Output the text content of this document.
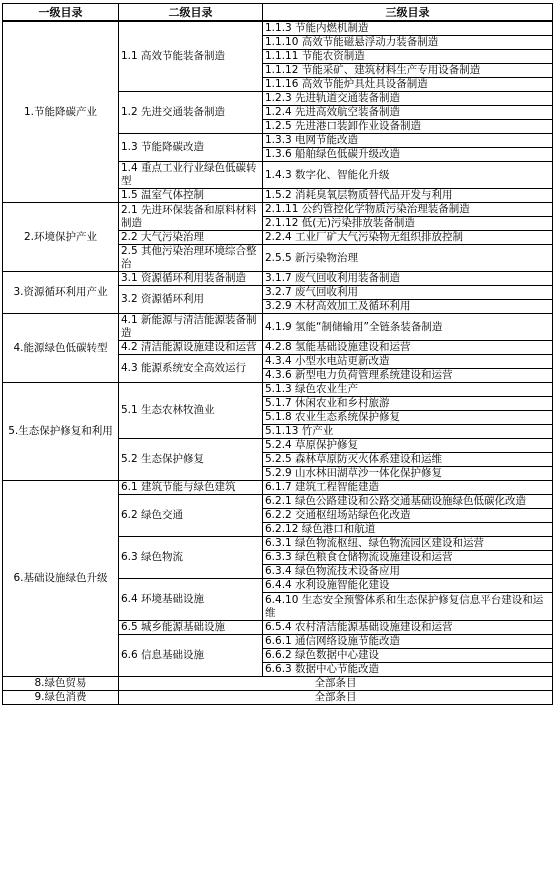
一级目录	二级目录	三级目录
1.节能降碳产业	1.1 高效节能装备制造	1.1.3 节能内燃机制造
		1.1.10 高效节能磁悬浮动力装备制造
		1.1.11 节能农资制造
		1.1.12 节能采矿、建筑材料生产专用设备制造
		1.1.16 高效节能炉具灶具设备制造
	1.2 先进交通装备制造	1.2.3 先进轨道交通装备制造
		1.2.4 先进高效航空装备制造
		1.2.5 先进港口装卸作业设备制造
	1.3 节能降碳改造	1.3.3 电网节能改造
		1.3.6 船舶绿色低碳升级改造
	1.4 重点工业行业绿色低碳转型	1.4.3 数字化、智能化升级
	1.5 温室气体控制	1.5.2 消耗臭氧层物质替代品开发与利用
2.环境保护产业	2.1 先进环保装备和原料材料制造	2.1.11 公约管控化学物质污染治理装备制造
		2.1.12 低(无)污染排放装备制造
	2.2 大气污染治理	2.2.4 工业厂矿大气污染物无组织排放控制
	2.5 其他污染治理环境综合整治	2.5.5 新污染物治理
3.资源循环利用产业	3.1 资源循环利用装备制造	3.1.7 废气回收利用装备制造
	3.2 资源循环利用	3.2.7 废气回收利用
		3.2.9 木材高效加工及循环利用
4.能源绿色低碳转型	4.1 新能源与清洁能源装备制造	4.1.9 氢能“制储输用”全链条装备制造
	4.2 清洁能源设施建设和运营	4.2.8 氢能基础设施建设和运营
	4.3 能源系统安全高效运行	4.3.4 小型水电站更新改造
		4.3.6 新型电力负荷管理系统建设和运营
5.生态保护修复和利用	5.1 生态农林牧渔业	5.1.3 绿色农业生产
		5.1.7 休闲农业和乡村旅游
		5.1.8 农业生态系统保护修复
		5.1.13 竹产业
	5.2 生态保护修复	5.2.4 草原保护修复
		5.2.5 森林草原防灭火体系建设和运维
		5.2.9 山水林田湖草沙一体化保护修复
6.基础设施绿色升级	6.1 建筑节能与绿色建筑	6.1.7 建筑工程智能建造
	6.2 绿色交通	6.2.1 绿色公路建设和公路交通基础设施绿色低碳化改造
		6.2.2 交通枢纽场站绿色化改造
		6.2.12 绿色港口和航道
	6.3 绿色物流	6.3.1 绿色物流枢纽、绿色物流园区建设和运营
		6.3.3 绿色粮食仓储物流设施建设和运营
		6.3.4 绿色物流技术设备应用
	6.4 环境基础设施	6.4.4 水利设施智能化建设
		6.4.10 生态安全预警体系和生态保护修复信息平台建设和运维
	6.5 城乡能源基础设施	6.5.4 农村清洁能源基础设施建设和运营
	6.6 信息基础设施	6.6.1 通信网络设施节能改造
		6.6.2 绿色数据中心建设
		6.6.3 数据中心节能改造
8.绿色贸易	全部条目	
9.绿色消费	全部条目	
